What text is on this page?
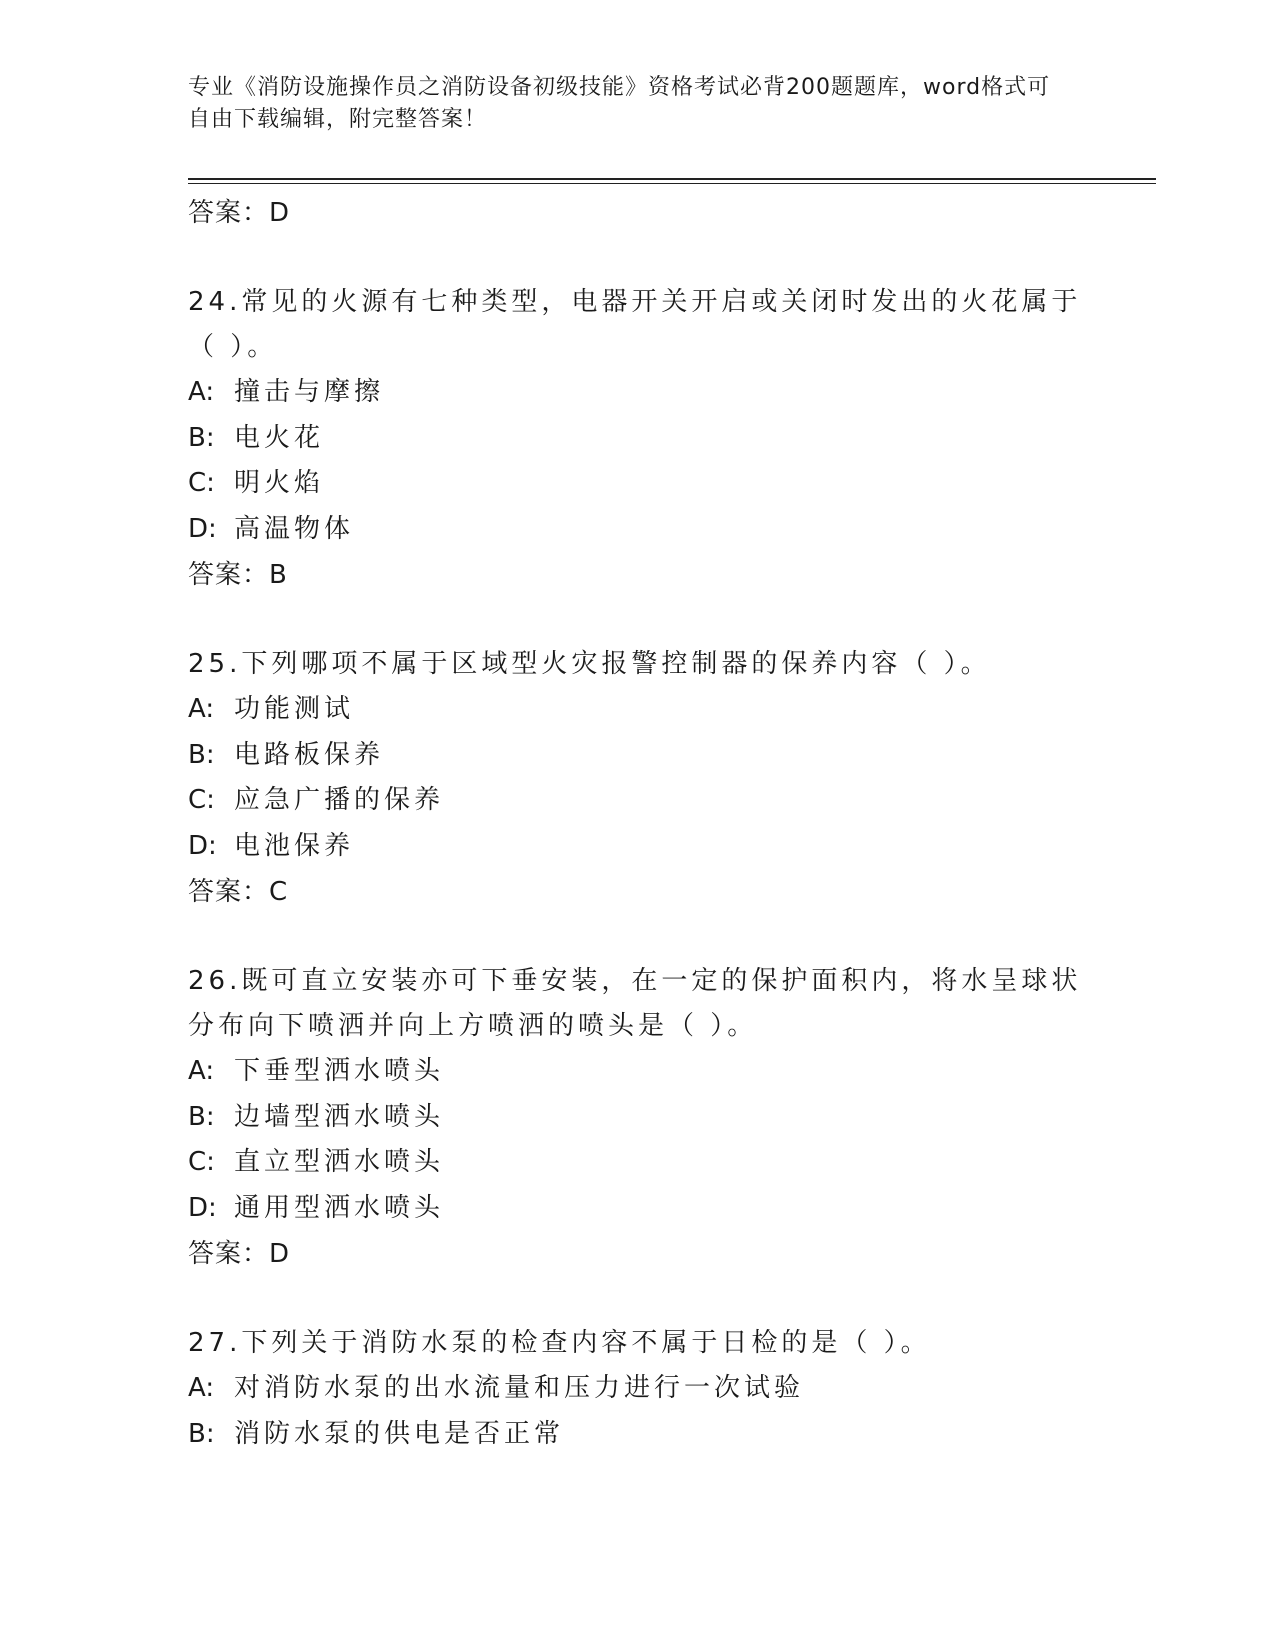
专业《消防设施操作员之消防设备初级技能》资格考试必背200题题库，word格式可自由下载编辑，附完整答案！
答案：D
24.常见的火源有七种类型，电器开关开启或关闭时发出的火花属于（ ）。
A: 撞击与摩擦
B: 电火花
C: 明火焰
D: 高温物体
答案：B
25.下列哪项不属于区域型火灾报警控制器的保养内容（ ）。
A: 功能测试
B: 电路板保养
C: 应急广播的保养
D: 电池保养
答案：C
26.既可直立安装亦可下垂安装，在一定的保护面积内，将水呈球状分布向下喷洒并向上方喷洒的喷头是（ ）。
A: 下垂型洒水喷头
B: 边墙型洒水喷头
C: 直立型洒水喷头
D: 通用型洒水喷头
答案：D
27.下列关于消防水泵的检查内容不属于日检的是（ ）。
A: 对消防水泵的出水流量和压力进行一次试验
B: 消防水泵的供电是否正常
